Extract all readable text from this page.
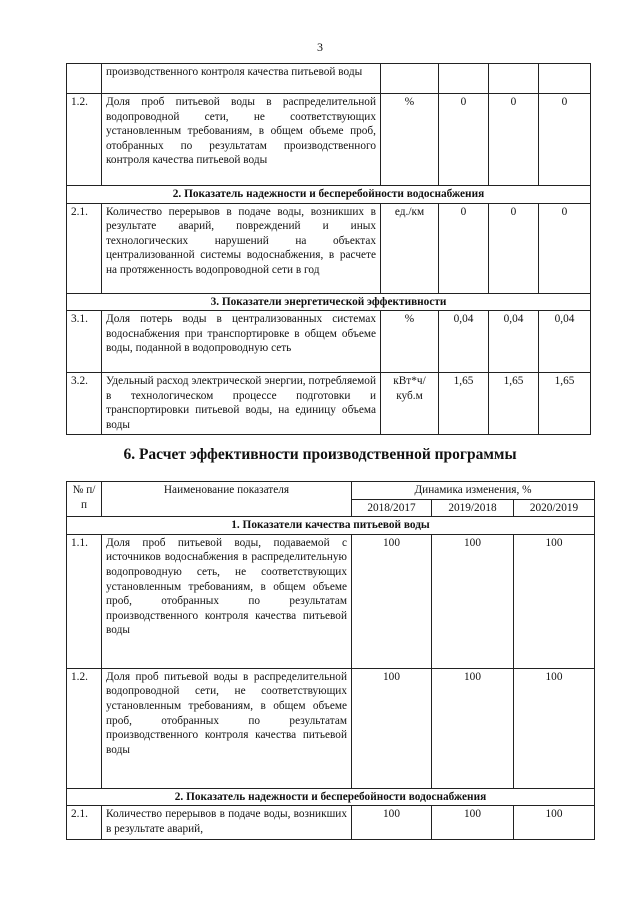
3
	производственного контроля качества питьевой воды				
1.2.	Доля проб питьевой воды в распределительной водопроводной сети, не соответствующих установленным требованиям, в общем объеме проб, отобранных по результатам производственного контроля качества питьевой воды	%	0	0	0
2. Показатель надежности и бесперебойности водоснабжения					
2.1.	Количество перерывов в подаче воды, возникших в результате аварий, повреждений и иных технологических нарушений на объектах централизованной системы водоснабжения, в расчете на протяженность водопроводной сети в год	ед./км	0	0	0
3. Показатели энергетической эффективности					
3.1.	Доля потерь воды в централизованных системах водоснабжения при транспортировке в общем объеме воды, поданной в водопроводную сеть	%	0,04	0,04	0,04
3.2.	Удельный расход электрической энергии, потребляемой в технологическом процессе подготовки и транспортировки питьевой воды, на единицу объема воды	кВт*ч/ куб.м	1,65	1,65	1,65
6. Расчет эффективности производственной программы
№ п/п	Наименование показателя	Динамика изменения, %		
		2018/2017	2019/2018	2020/2019
1. Показатели качества питьевой воды				
1.1.	Доля проб питьевой воды, подаваемой с источников водоснабжения в распределительную водопроводную сеть, не соответствующих установленным требованиям, в общем объеме проб, отобранных по результатам производственного контроля качества питьевой воды	100	100	100
1.2.	Доля проб питьевой воды в распределительной водопроводной сети, не соответствующих установленным требованиям, в общем объеме проб, отобранных по результатам производственного контроля качества питьевой воды	100	100	100
2. Показатель надежности и бесперебойности водоснабжения				
2.1.	Количество перерывов в подаче воды, возникших в результате аварий,	100	100	100
